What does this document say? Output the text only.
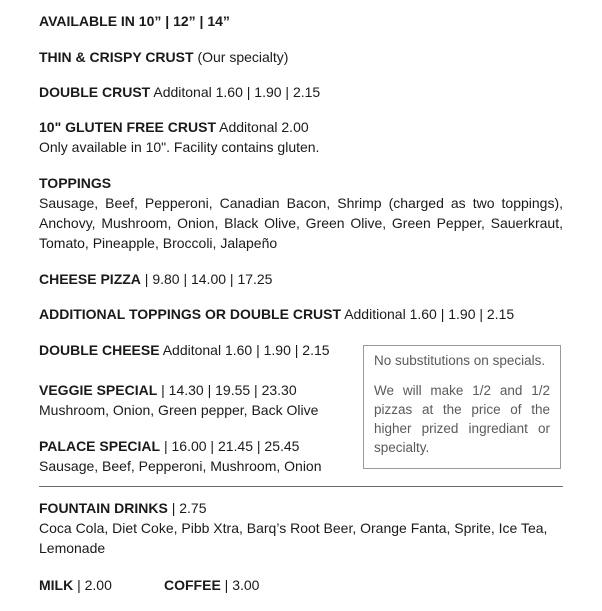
AVAILABLE IN 10” | 12” | 14”
THIN & CRISPY CRUST (Our specialty)
DOUBLE CRUST Additonal 1.60 | 1.90 | 2.15
10" GLUTEN FREE CRUST Additonal 2.00
Only available in 10". Facility contains gluten.
TOPPINGS
Sausage, Beef, Pepperoni, Canadian Bacon, Shrimp (charged as two toppings), Anchovy, Mushroom, Onion, Black Olive, Green Olive, Green Pepper, Sauerkraut, Tomato, Pineapple, Broccoli, Jalapeño
CHEESE PIZZA | 9.80 | 14.00 | 17.25
ADDITIONAL TOPPINGS OR DOUBLE CRUST Additional 1.60 | 1.90 | 2.15
DOUBLE CHEESE Additonal 1.60 | 1.90 | 2.15
VEGGIE SPECIAL | 14.30 | 19.55 | 23.30
Mushroom, Onion, Green pepper, Back Olive
PALACE SPECIAL | 16.00 | 21.45 | 25.45
Sausage, Beef, Pepperoni, Mushroom, Onion
FOUNTAIN DRINKS | 2.75
Coca Cola, Diet Coke, Pibb Xtra, Barq’s Root Beer, Orange Fanta, Sprite, Ice Tea, Lemonade
MILK | 2.00	COFFEE | 3.00

No substitutions on specials.

We will make 1/2 and 1/2 pizzas at the price of the higher prized ingrediant or specialty.
